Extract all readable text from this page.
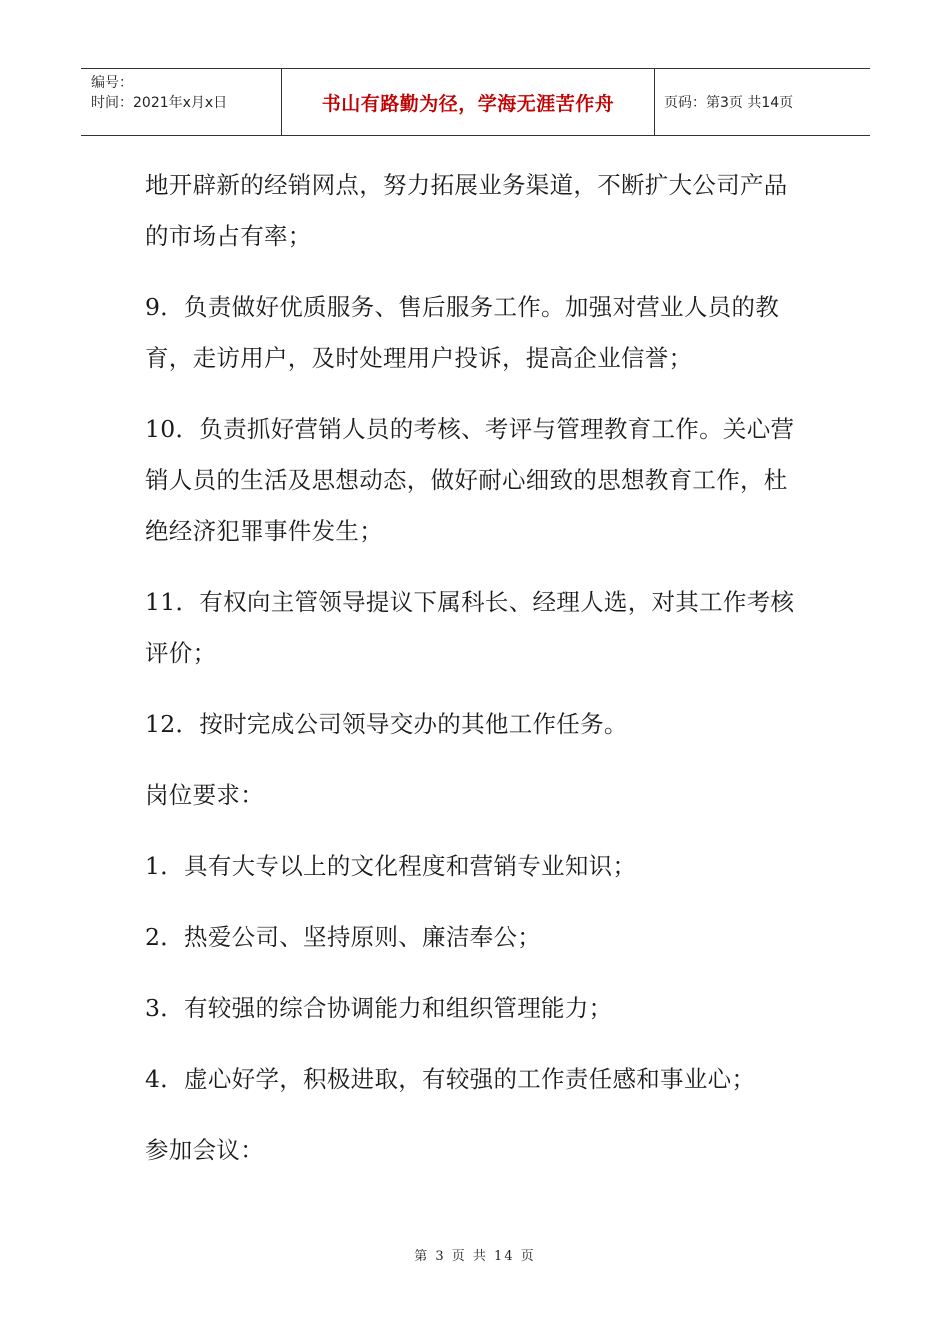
编号：
时间：2021年x月x日	书山有路勤为径，学海无涯苦作舟	页码：第3页 共14页

地开辟新的经销网点，努力拓展业务渠道，不断扩大公司产品的市场占有率；

9．负责做好优质服务、售后服务工作。加强对营业人员的教育，走访用户，及时处理用户投诉，提高企业信誉；

10．负责抓好营销人员的考核、考评与管理教育工作。关心营销人员的生活及思想动态，做好耐心细致的思想教育工作，杜绝经济犯罪事件发生；

11．有权向主管领导提议下属科长、经理人选，对其工作考核评价；

12．按时完成公司领导交办的其他工作任务。

岗位要求：

1．具有大专以上的文化程度和营销专业知识；

2．热爱公司、坚持原则、廉洁奉公；

3．有较强的综合协调能力和组织管理能力；

4．虚心好学，积极进取，有较强的工作责任感和事业心；

参加会议：

第 3 页 共 14 页
